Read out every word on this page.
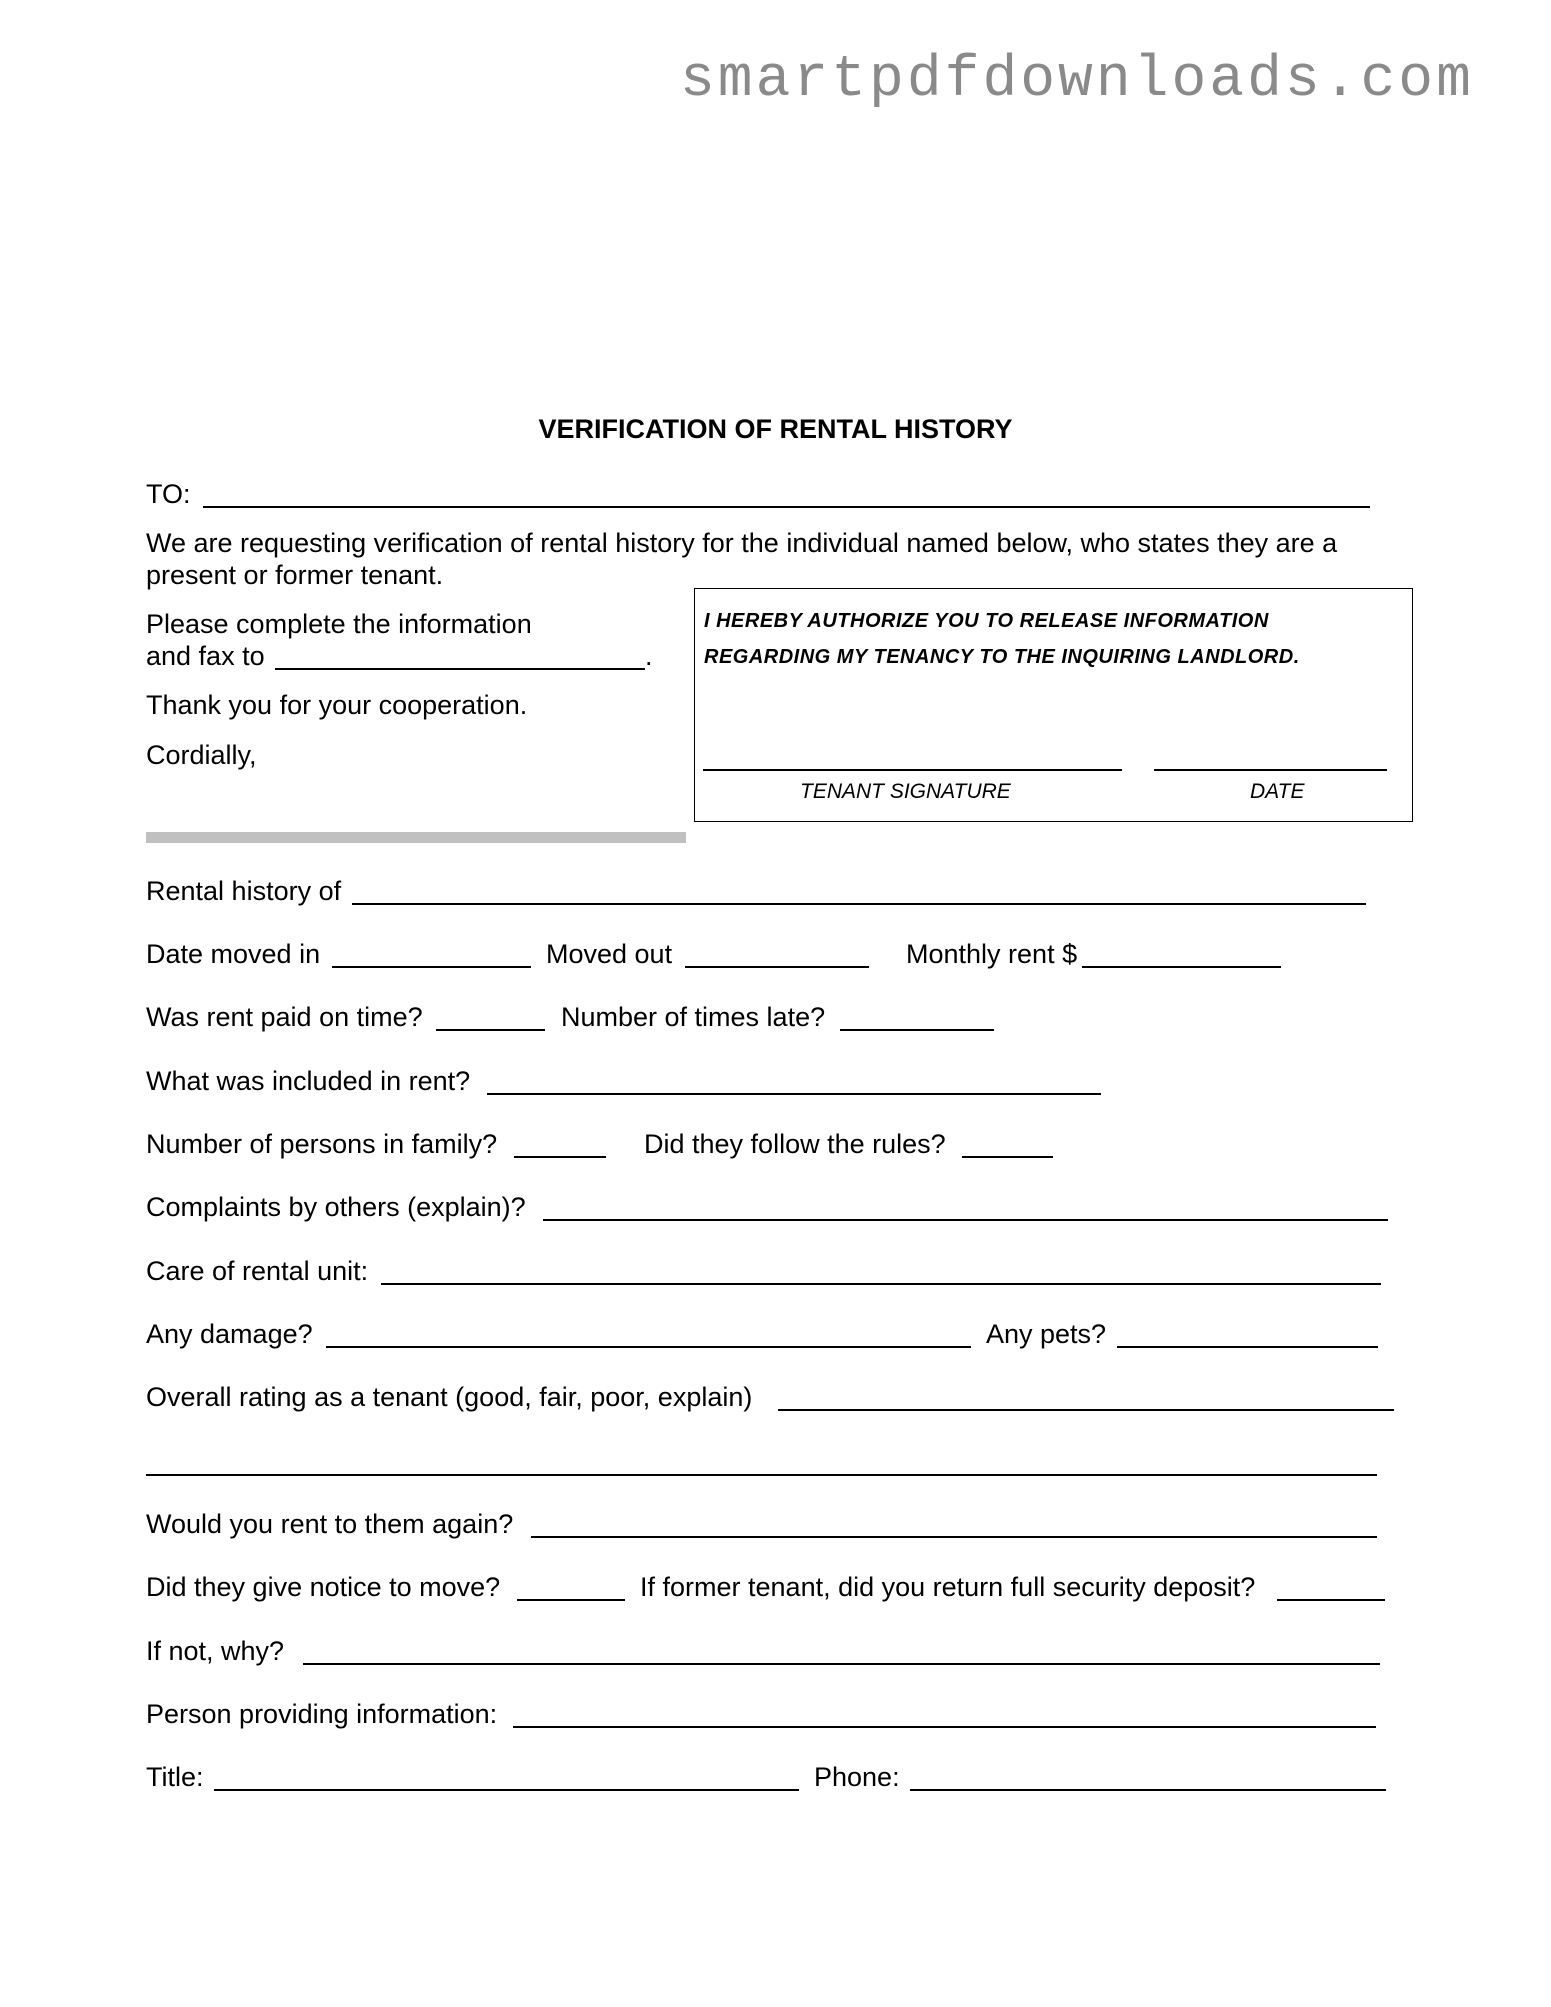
smartpdfdownloads.com
VERIFICATION OF RENTAL HISTORY
TO:
We are requesting verification of rental history for the individual named below, who states they are a
present or former tenant.
Please complete the information
and fax to	.
Thank you for your cooperation.
Cordially,
I HEREBY AUTHORIZE YOU TO RELEASE INFORMATION
REGARDING MY TENANCY TO THE INQUIRING LANDLORD.
TENANT SIGNATURE	DATE
Rental history of
Date moved in	Moved out	Monthly rent $
Was rent paid on time?	Number of times late?
What was included in rent?
Number of persons in family?	Did they follow the rules?
Complaints by others (explain)?
Care of rental unit:
Any damage?	Any pets?
Overall rating as a tenant (good, fair, poor, explain)
Would you rent to them again?
Did they give notice to move?	If former tenant, did you return full security deposit?
If not, why?
Person providing information:
Title:	Phone:
